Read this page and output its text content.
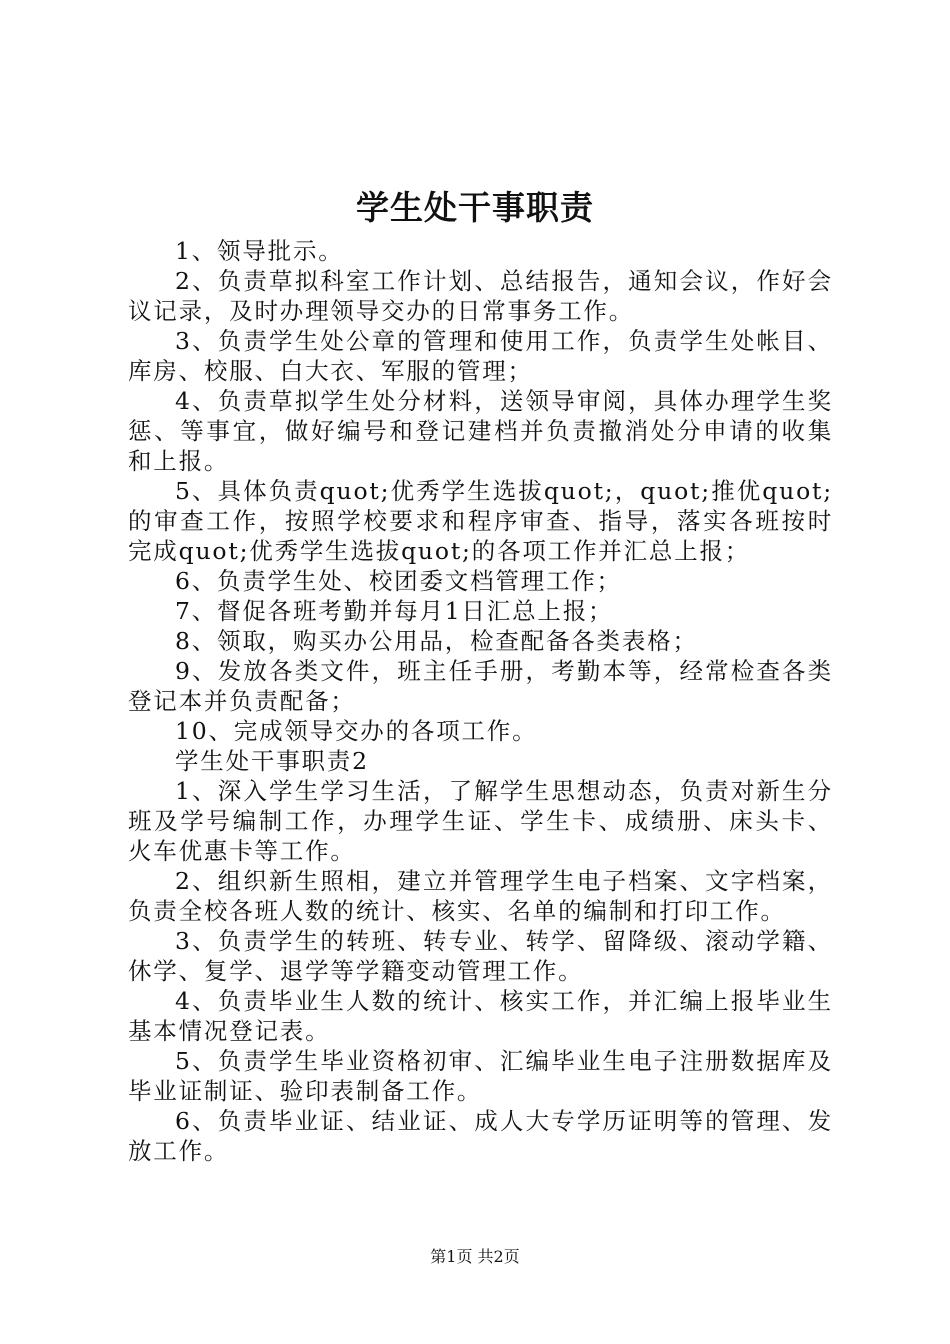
学生处干事职责

1、领导批示。

2、负责草拟科室工作计划、总结报告，通知会议，作好会议记录，及时办理领导交办的日常事务工作。

3、负责学生处公章的管理和使用工作，负责学生处帐目、库房、校服、白大衣、军服的管理；

4、负责草拟学生处分材料，送领导审阅，具体办理学生奖惩、等事宜，做好编号和登记建档并负责撤消处分申请的收集和上报。

5、具体负责quot;优秀学生选拔quot;，quot;推优quot;的审查工作，按照学校要求和程序审查、指导，落实各班按时完成quot;优秀学生选拔quot;的各项工作并汇总上报；

6、负责学生处、校团委文档管理工作；

7、督促各班考勤并每月1日汇总上报；

8、领取，购买办公用品，检查配备各类表格；

9、发放各类文件，班主任手册，考勤本等，经常检查各类登记本并负责配备；

10、完成领导交办的各项工作。

学生处干事职责2

1、深入学生学习生活，了解学生思想动态，负责对新生分班及学号编制工作，办理学生证、学生卡、成绩册、床头卡、火车优惠卡等工作。

2、组织新生照相，建立并管理学生电子档案、文字档案，负责全校各班人数的统计、核实、名单的编制和打印工作。

3、负责学生的转班、转专业、转学、留降级、滚动学籍、休学、复学、退学等学籍变动管理工作。

4、负责毕业生人数的统计、核实工作，并汇编上报毕业生基本情况登记表。

5、负责学生毕业资格初审、汇编毕业生电子注册数据库及毕业证制证、验印表制备工作。

6、负责毕业证、结业证、成人大专学历证明等的管理、发放工作。

第1页 共2页
